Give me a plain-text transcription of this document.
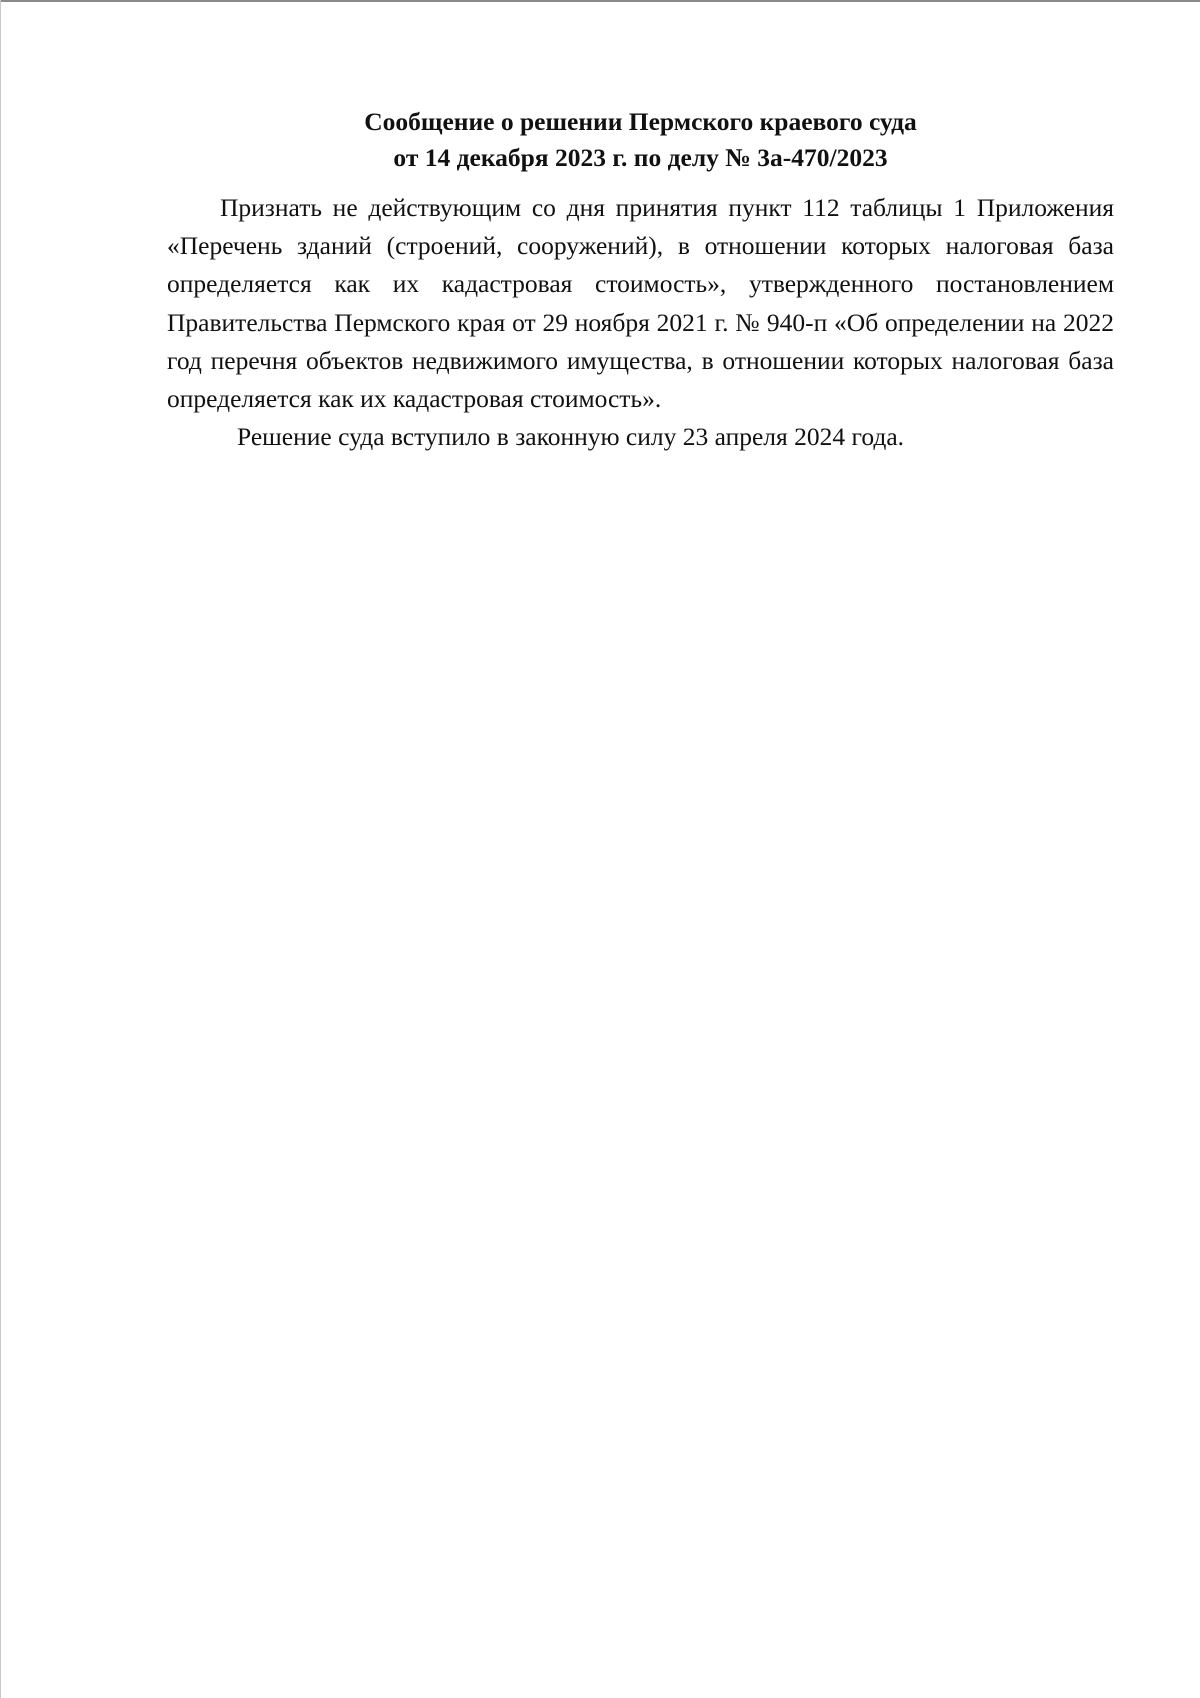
Сообщение о решении Пермского краевого суда
от 14 декабря 2023 г. по делу № 3а-470/2023

Признать не действующим со дня принятия пункт 112 таблицы 1 Приложения «Перечень зданий (строений, сооружений), в отношении которых налоговая база определяется как их кадастровая стоимость», утвержденного постановлением Правительства Пермского края от 29 ноября 2021 г. № 940-п «Об определении на 2022 год перечня объектов недвижимого имущества, в отношении которых налоговая база определяется как их кадастровая стоимость».

Решение суда вступило в законную силу 23 апреля 2024 года.
